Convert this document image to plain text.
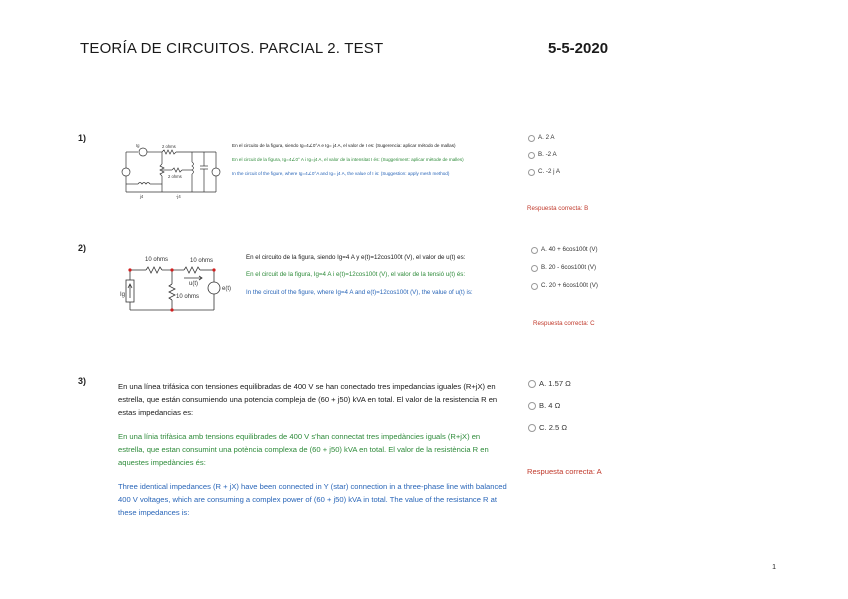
TEORÍA DE CIRCUITOS. PARCIAL 2. TEST	5-5-2020
1)
Ig	2 ohms
2 ohms
j4	-j4
En el circuito de la figura, siendo Ig=4∠0°A e Ig= j4 A, el valor de I es: (Sugerencia: aplicar método de mallas)
En el circuit de la figura, Ig=4∠0° A i Ig=j4 A, el valor de la intensitat I és: (Suggeriment: aplicar mètode de malles)
In the circuit of the figure, where Ig=4∠0°A and Ig= j4 A, the value of I is: (Suggestion: apply mesh method)
A. 2 A
B. -2 A
C. -2 j A
Respuesta correcta: B
2)
10 ohms	10 ohms
10 ohms
Ig
e(t)
u(t)
En el circuito de la figura, siendo Ig=4 A y e(t)=12cos100t (V), el valor de u(t) es:
En el circuit de la figura, Ig=4 A i e(t)=12cos100t (V), el valor de la tensió u(t) és:
In the circuit of the figure, where Ig=4 A and e(t)=12cos100t (V), the value of u(t) is:
A. 40 + 6cos100t (V)
B. 20 - 6cos100t (V)
C. 20 + 6cos100t (V)
Respuesta correcta: C
3)
En una línea trifásica con tensiones equilibradas de 400 V se han conectado tres impedancias iguales (R+jX) en estrella, que están consumiendo una potencia compleja de (60 + j50) kVA en total. El valor de la resistencia R en estas impedancias es:
En una línia trifàsica amb tensions equilibrades de 400 V s'han connectat tres impedàncies iguals (R+jX) en estrella, que estan consumint una potència complexa de (60 + j50) kVA en total. El valor de la resistència R en aquestes impedàncies és:
Three identical impedances (R + jX) have been connected in Y (star) connection in a three-phase line with balanced 400 V voltages, which are consuming a complex power of (60 + j50) kVA in total. The value of the resistance R at these impedances is:
A. 1.57 Ω
B. 4 Ω
C. 2.5 Ω
Respuesta correcta: A
1
